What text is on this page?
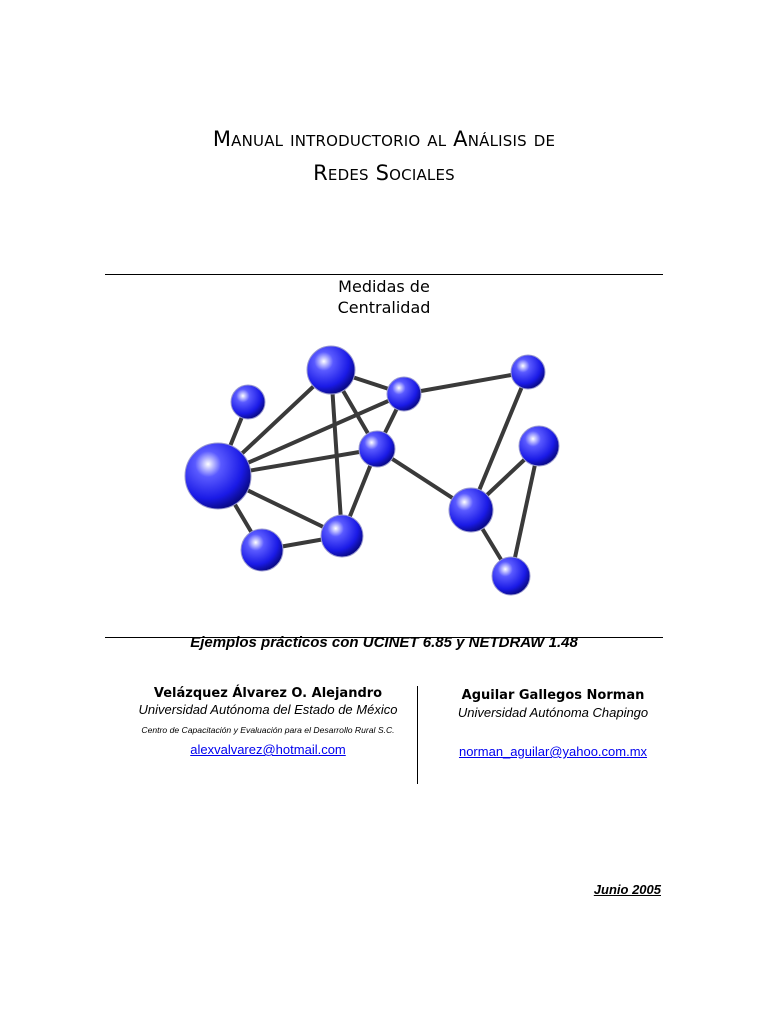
Manual introductorio al Análisis de
Redes Sociales
Medidas de
Centralidad
Ejemplos prácticos con UCINET 6.85 y NETDRAW 1.48
Velázquez Álvarez O. Alejandro
Universidad Autónoma del Estado de México
Centro de Capacitación y Evaluación para el Desarrollo Rural S.C.
alexvalvarez@hotmail.com
Aguilar Gallegos Norman
Universidad Autónoma Chapingo
norman_aguilar@yahoo.com.mx
Junio 2005
